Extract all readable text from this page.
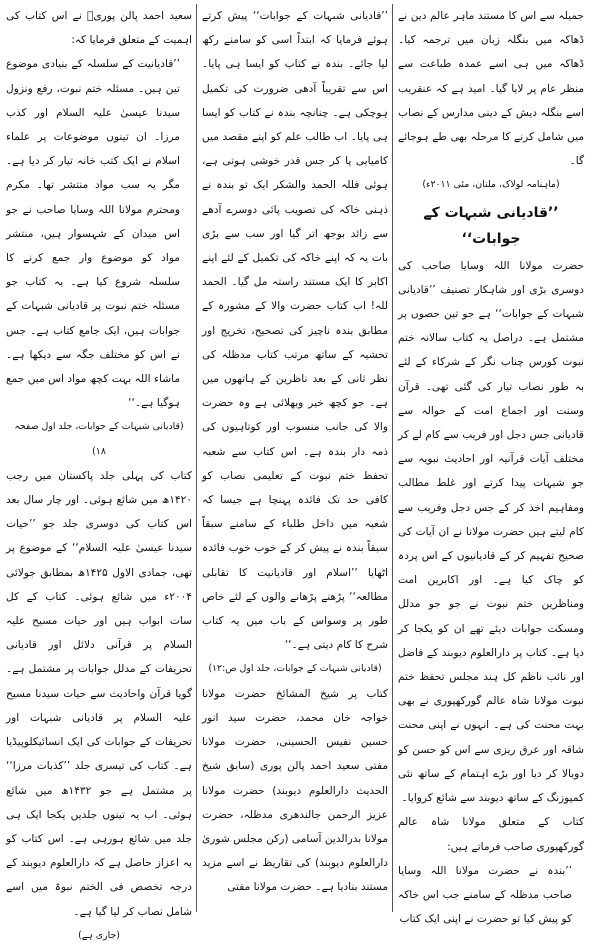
جمیلہ سے اس کا مستند ماہر عالم دین نے ڈھاکہ میں بنگلہ زبان میں ترجمہ کیا۔ ڈھاکہ میں ہی اسے عمدہ طباعت سے منظر عام پر لایا گیا۔ امید ہے کہ عنقریب اسے بنگلہ دیش کے دینی مدارس کے نصاب میں شامل کرنے کا مرحلہ بھی طے ہوجائے گا۔

(ماہنامہ لولاک، ملتان، مئی ۲۰۱۱ء)

’’قادیانی شبہات کے جوابات‘‘

حضرت مولانا اللہ وسایا صاحب کی دوسری بڑی اور شاہکار تصنیف ’’قادیانی شبہات کے جوابات‘‘ ہے جو تین حصوں پر مشتمل ہے۔ دراصل یہ کتاب سالانہ ختم نبوت کورس چناب نگر کے شرکاء کے لئے بہ طور نصاب تیار کی گئی تھی۔ قرآن وسنت اور اجماع امت کے حوالہ سے قادیانی جس دجل اور فریب سے کام لے کر مختلف آیات قرآنیہ اور احادیث نبویہ سے جو شبہات پیدا کرتے اور غلط مطالب ومفاہیم اخذ کر کے جس دجل وفریب سے کام لیتے ہیں حضرت مولانا نے ان آیات کی صحیح تفہیم کر کے قادیانیوں کے اس پردہ کو چاک کیا ہے۔ اور اکابرین امت ومناظرین ختم نبوت نے جو جو مدلل ومسکت جوابات دیئے تھے ان کو یکجا کر دیا ہے۔ کتاب پر دارالعلوم دیوبند کے فاضل اور نائب ناظم کل ہند مجلس تحفظ ختم نبوت مولانا شاہ عالم گورکھپوری نے بھی بہت محنت کی ہے۔ انہوں نے اپنی محنت شاقہ اور عرق ریزی سے اس کو حسن کو دوبالا کر دیا اور بڑے اہتمام کے ساتھ نئی کمپوزنگ کے ساتھ دیوبند سے شائع کروایا۔

کتاب کے متعلق مولانا شاہ عالم گورکھپوری صاحب فرماتے ہیں:

’’بندہ نے حضرت مولانا اللہ وسایا صاحب مدظلہ کے سامنے جب اس خاکہ کو پیش کیا تو حضرت نے اپنی ایک کتاب

’’قادیانی شبہات کے جوابات‘‘ پیش کرتے ہوئے فرمایا کہ ابتداً اسی کو سامنے رکھ لیا جائے۔ بندہ نے کتاب کو ایسا ہی پایا۔ اس سے تقریباً آدھی ضرورت کی تکمیل ہوچکی ہے۔ چنانچہ بندہ نے کتاب کو ایسا ہی پایا۔ اب طالب علم کو اپنے مقصد میں کامیابی پا کر جس قدر خوشی ہوتی ہے، ہوئی فللہ الحمد والشکر ایک تو بندہ نے ذہنی خاکہ کی تصویب پائی دوسرے آدھے سے زائد بوجھ اتر گیا اور سب سے بڑی بات یہ کہ اپنے خاکہ کی تکمیل کے لئے اپنے اکابر کا ایک مستند راستہ مل گیا۔ الحمد للہ! اب کتاب حضرت والا کے مشورہ کے مطابق بندہ ناچیز کی تصحیح، تخریج اور تحشیہ کے ساتھ مرتب کتاب مدظلہ کی نظر ثانی کے بعد ناظرین کے ہاتھوں میں ہے۔ جو کچھ خیر وبھلائی ہے وہ حضرت والا کی جانب منسوب اور کوتاہیوں کی ذمہ دار بندہ ہے۔ اس کتاب سے شعبہ تحفظ ختم نبوت کے تعلیمی نصاب کو کافی حد تک فائدہ پہنچا ہے جیسا کہ شعبہ میں داخل طلباء کے سامنے سبقاً سبقاً بندہ نے پیش کر کے خوب خوب فائدہ اٹھایا ’’اسلام اور قادیانیت کا تقابلی مطالعہ‘‘ پڑھنے پڑھانے والوں کے لئے خاص طور پر وسواس کے باب میں یہ کتاب شرح کا کام دیتی ہے۔‘‘

(قادیانی شبہات کے جوابات، جلد اول ص:۱۲)

کتاب پر شیخ المشائخ حضرت مولانا خواجہ خان محمد، حضرت سید انور حسین نفیس الحسینی، حضرت مولانا مفتی سعید احمد پالن پوری (سابق شیخ الحدیث دارالعلوم دیوبند) حضرت مولانا عزیز الرحمن جالندھری مدظلہ، حضرت مولانا بدرالدین آسامی (رکن مجلس شوریٰ دارالعلوم دیوبند) کی تقاریظ نے اسے مزید مستند بنادیا ہے۔ حضرت مولانا مفتی

سعید احمد پالن پوریؒ نے اس کتاب کی اہمیت کے متعلق فرمایا کہ:

’’قادیانیت کے سلسلہ کے بنیادی موضوع تین ہیں۔ مسئلہ ختم نبوت، رفع ونزول سیدنا عیسیٰ علیہ السلام اور کذب مرزا۔ ان تینوں موضوعات پر علماء اسلام نے ایک کتب خانہ تیار کر دیا ہے۔ مگر یہ سب مواد منتشر تھا۔ مکرم ومحترم مولانا اللہ وسایا صاحب نے جو اس میدان کے شہسوار ہیں، منتشر مواد کو موضوع وار جمع کرنے کا سلسلہ شروع کیا ہے۔ یہ کتاب جو مسئلہ ختم نبوت پر قادیانی شبہات کے جوابات ہیں، ایک جامع کتاب ہے۔ جس نے اس کو مختلف جگہ سے دیکھا ہے۔ ماشاء اللہ بہت کچھ مواد اس میں جمع ہوگیا ہے۔‘‘

(قادیانی شبہات کے جوابات، جلد اول صفحہ ۱۸)

کتاب کی پہلی جلد پاکستان میں رجب ۱۴۲۰ھ میں شائع ہوئی۔ اور چار سال بعد اس کتاب کی دوسری جلد جو ’’حیات سیدنا عیسیٰ علیہ السلام‘‘ کے موضوع پر تھی، جمادی الاول ۱۴۲۵ھ بمطابق جولائی ۲۰۰۴ء میں شائع ہوئی۔ کتاب کے کل سات ابواب ہیں اور حیات مسیح علیہ السلام پر قرآنی دلائل اور قادیانی تحریفات کے مدلل جوابات پر مشتمل ہے۔ گویا قرآن واحادیث سے حیات سیدنا مسیح علیہ السلام پر قادیانی شبہات اور تحریفات کے جوابات کی ایک انسائیکلوپیڈیا ہے۔ کتاب کی تیسری جلد ’’کذبات مرزا‘‘ پر مشتمل ہے جو ۱۴۳۲ھ میں شائع ہوئی۔ اب یہ تینوں جلدیں یکجا ایک ہی جلد میں شائع ہورہی ہے۔ اس کتاب کو یہ اعزاز حاصل ہے کہ دارالعلوم دیوبند کے درجہ تخصص فی الختم نبوۃ میں اسے شامل نصاب کر لیا گیا ہے۔

(جاری ہے)
